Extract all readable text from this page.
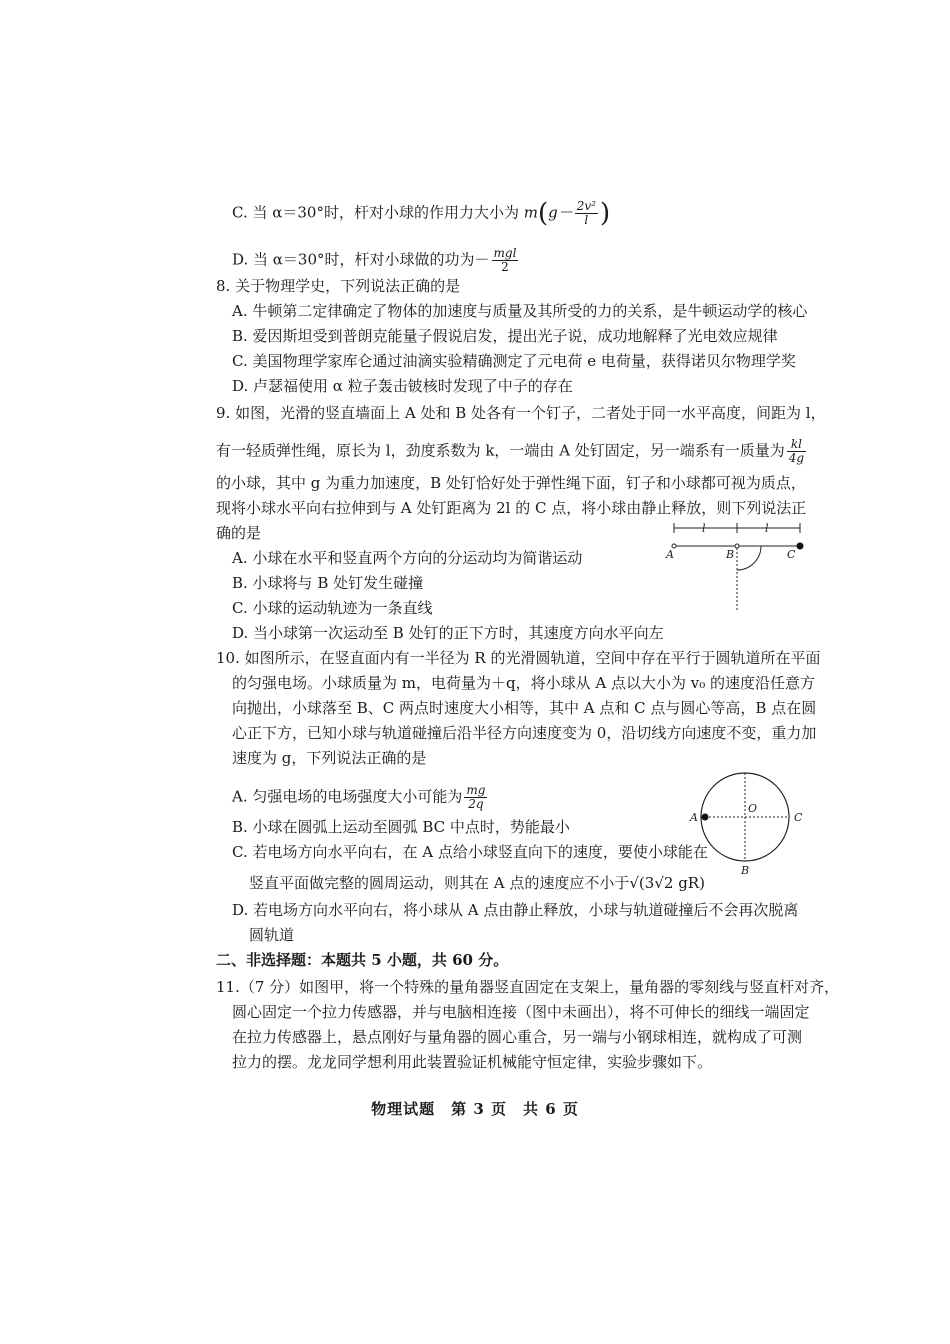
C. 当 α＝30°时，杆对小球的作用力大小为 $m(g- \frac{\text{2v²}}{l}$ )
D. 当 α＝30°时，杆对小球做的功为－ $\frac{\text{mgl}}{2}$
8. 关于物理学史，下列说法正确的是
A. 牛顿第二定律确定了物体的加速度与质量及其所受的力的关系，是牛顿运动学的核心
B. 爱因斯坦受到普朗克能量子假说启发，提出光子说，成功地解释了光电效应规律
C. 美国物理学家库仑通过油滴实验精确测定了元电荷 e 电荷量，获得诺贝尔物理学奖
D. 卢瑟福使用 α 粒子轰击铍核时发现了中子的存在
9. 如图，光滑的竖直墙面上 A 处和 B 处各有一个钉子，二者处于同一水平高度，间距为 l，
有一轻质弹性绳，原长为 l，劲度系数为 k，一端由 A 处钉固定，另一端系有一质量为 $\frac{kl}{4g}$
的小球，其中 g 为重力加速度，B 处钉恰好处于弹性绳下面，钉子和小球都可视为质点，
现将小球水平向右拉伸到与 A 处钉距离为 2l 的 C 点，将小球由静止释放，则下列说法正
确的是
A. 小球在水平和竖直两个方向的分运动均为简谐运动
B. 小球将与 B 处钉发生碰撞
C. 小球的运动轨迹为一条直线
D. 当小球第一次运动至 B 处钉的正下方时，其速度方向水平向左
l	l
A	B	C
10. 如图所示，在竖直面内有一半径为 R 的光滑圆轨道，空间中存在平行于圆轨道所在平面
的匀强电场。小球质量为 m，电荷量为＋q，将小球从 A 点以大小为 v₀ 的速度沿任意方
向抛出，小球落至 B、C 两点时速度大小相等，其中 A 点和 C 点与圆心等高，B 点在圆
心正下方，已知小球与轨道碰撞后沿半径方向速度变为 0，沿切线方向速度不变，重力加
速度为 g，下列说法正确的是
A. 匀强电场的电场强度大小可能为 $\frac{mg}{2q}$
B. 小球在圆弧上运动至圆弧 BC 中点时，势能最小
C. 若电场方向水平向右，在 A 点给小球竖直向下的速度，要使小球能在
竖直平面做完整的圆周运动，则其在 A 点的速度应不小于√(3√2 gR)
D. 若电场方向水平向右，将小球从 A 点由静止释放，小球与轨道碰撞后不会再次脱离
圆轨道
A	C
O
B
二、非选择题：本题共 5 小题，共 60 分。
11.（7 分）如图甲，将一个特殊的量角器竖直固定在支架上，量角器的零刻线与竖直杆对齐，
圆心固定一个拉力传感器，并与电脑相连接（图中未画出），将不可伸长的细线一端固定
在拉力传感器上，悬点刚好与量角器的圆心重合，另一端与小钢球相连，就构成了可测
拉力的摆。龙龙同学想利用此装置验证机械能守恒定律，实验步骤如下。
物理试题　第 3 页　共 6 页
